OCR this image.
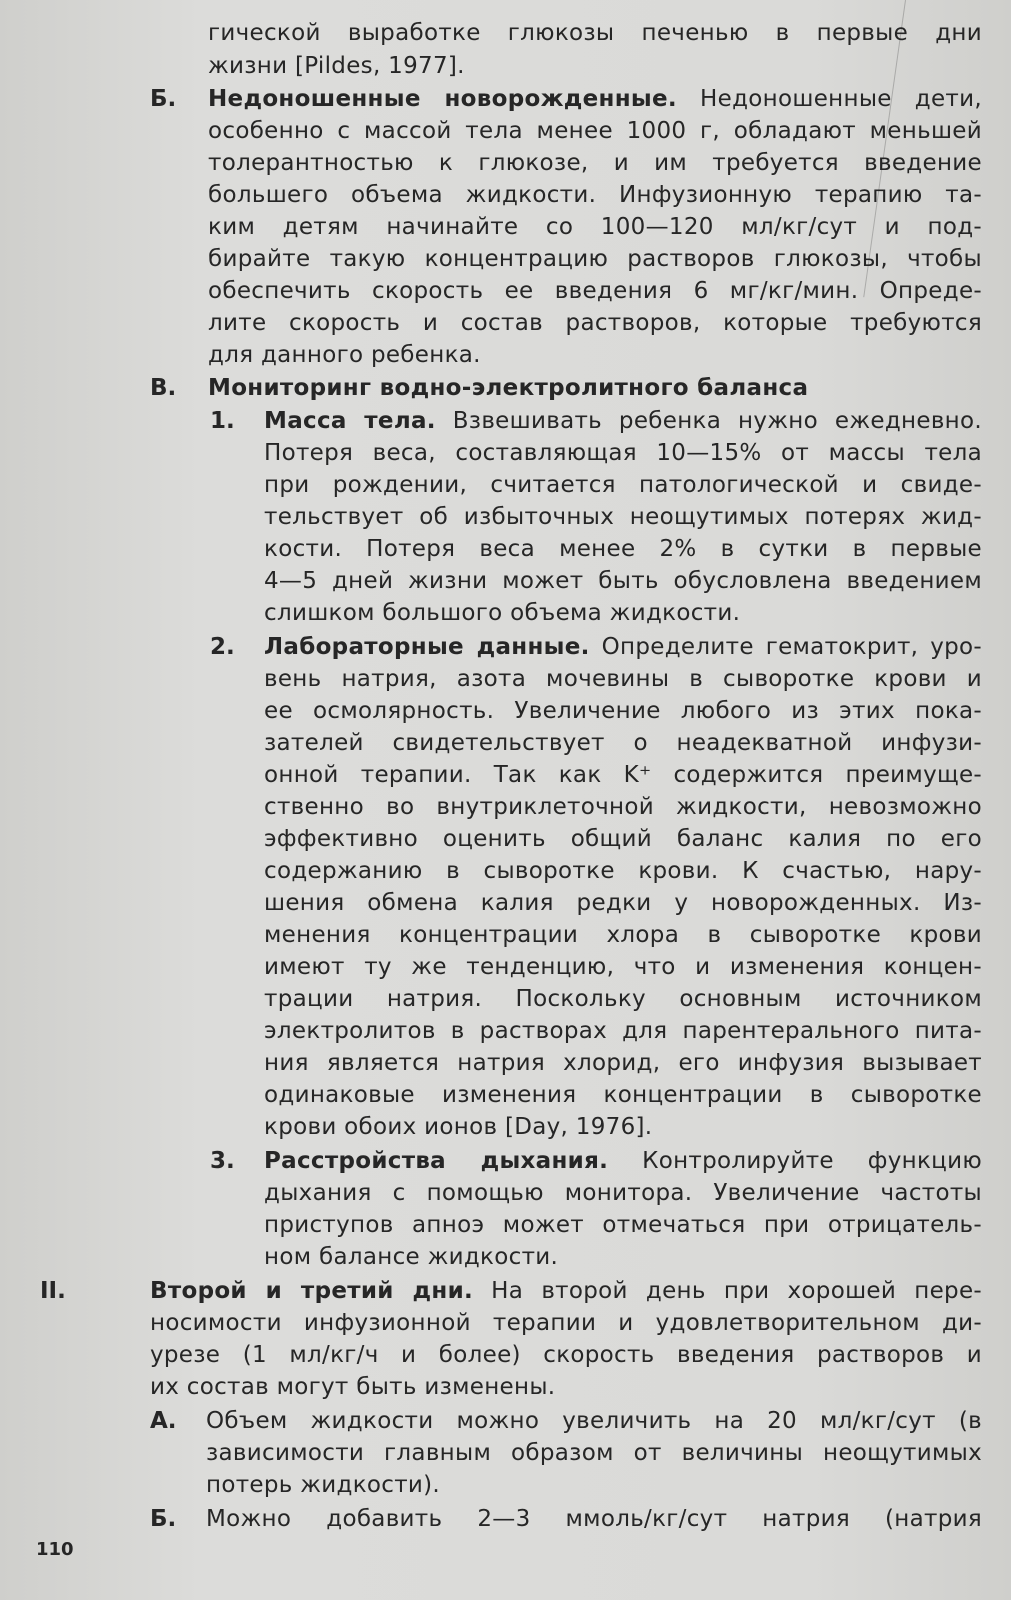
гической выработке глюкозы печенью в первые дни
жизни [Pildes, 1977].
Б. Недоношенные новорожденные. Недоношенные дети,
особенно с массой тела менее 1000 г, обладают меньшей
толерантностью к глюкозе, и им требуется введение
большего объема жидкости. Инфузионную терапию та-
ким детям начинайте со 100—120 мл/кг/сут и под-
бирайте такую концентрацию растворов глюкозы, чтобы
обеспечить скорость ее введения 6 мг/кг/мин. Опреде-
лите скорость и состав растворов, которые требуются
для данного ребенка.
В. Мониторинг водно-электролитного баланса
1. Масса тела. Взвешивать ребенка нужно ежедневно.
Потеря веса, составляющая 10—15% от массы тела
при рождении, считается патологической и свиде-
тельствует об избыточных неощутимых потерях жид-
кости. Потеря веса менее 2% в сутки в первые
4—5 дней жизни может быть обусловлена введением
слишком большого объема жидкости.
2. Лабораторные данные. Определите гематокрит, уро-
вень натрия, азота мочевины в сыворотке крови и
ее осмолярность. Увеличение любого из этих пока-
зателей свидетельствует о неадекватной инфузи-
онной терапии. Так как K⁺ содержится преимуще-
ственно во внутриклеточной жидкости, невозможно
эффективно оценить общий баланс калия по его
содержанию в сыворотке крови. К счастью, нару-
шения обмена калия редки у новорожденных. Из-
менения концентрации хлора в сыворотке крови
имеют ту же тенденцию, что и изменения концен-
трации натрия. Поскольку основным источником
электролитов в растворах для парентерального пита-
ния является натрия хлорид, его инфузия вызывает
одинаковые изменения концентрации в сыворотке
крови обоих ионов [Day, 1976].
3. Расстройства дыхания. Контролируйте функцию
дыхания с помощью монитора. Увеличение частоты
приступов апноэ может отмечаться при отрицатель-
ном балансе жидкости.
II.	Второй и третий дни. На второй день при хорошей пере-
носимости инфузионной терапии и удовлетворительном ди-
урезе (1 мл/кг/ч и более) скорость введения растворов и
их состав могут быть изменены.
А. Объем жидкости можно увеличить на 20 мл/кг/сут (в
зависимости главным образом от величины неощутимых
потерь жидкости).
Б. Можно добавить 2—3 ммоль/кг/сут натрия (натрия
110
